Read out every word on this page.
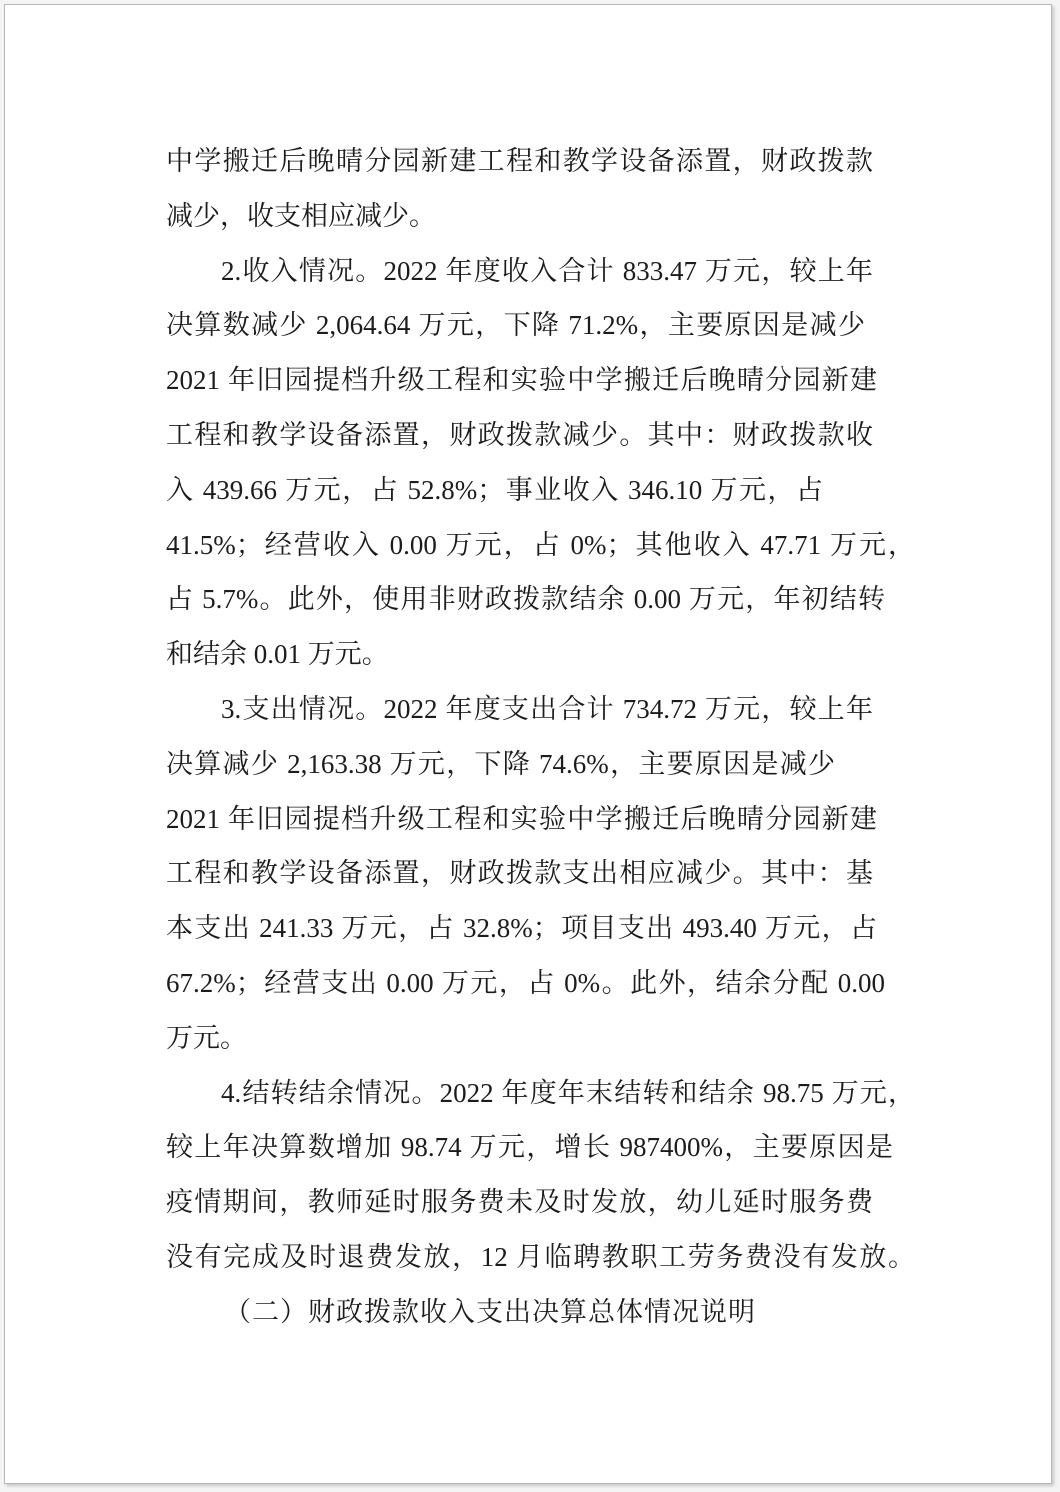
中学搬迁后晚晴分园新建工程和教学设备添置，财政拨款
减少，收支相应减少。
2.收入情况。2022 年度收入合计 833.47 万元，较上年
决算数减少 2,064.64 万元，下降 71.2%，主要原因是减少
2021 年旧园提档升级工程和实验中学搬迁后晚晴分园新建
工程和教学设备添置，财政拨款减少。其中：财政拨款收
入 439.66 万元，占 52.8%；事业收入 346.10 万元，占
41.5%；经营收入 0.00 万元，占 0%；其他收入 47.71 万元，
占 5.7%。此外，使用非财政拨款结余 0.00 万元，年初结转
和结余 0.01 万元。
3.支出情况。2022 年度支出合计 734.72 万元，较上年
决算减少 2,163.38 万元，下降 74.6%，主要原因是减少
2021 年旧园提档升级工程和实验中学搬迁后晚晴分园新建
工程和教学设备添置，财政拨款支出相应减少。其中：基
本支出 241.33 万元，占 32.8%；项目支出 493.40 万元，占
67.2%；经营支出 0.00 万元，占 0%。此外，结余分配 0.00
万元。
4.结转结余情况。2022 年度年末结转和结余 98.75 万元，
较上年决算数增加 98.74 万元，增长 987400%，主要原因是
疫情期间，教师延时服务费未及时发放，幼儿延时服务费
没有完成及时退费发放，12 月临聘教职工劳务费没有发放。
（二）财政拨款收入支出决算总体情况说明
